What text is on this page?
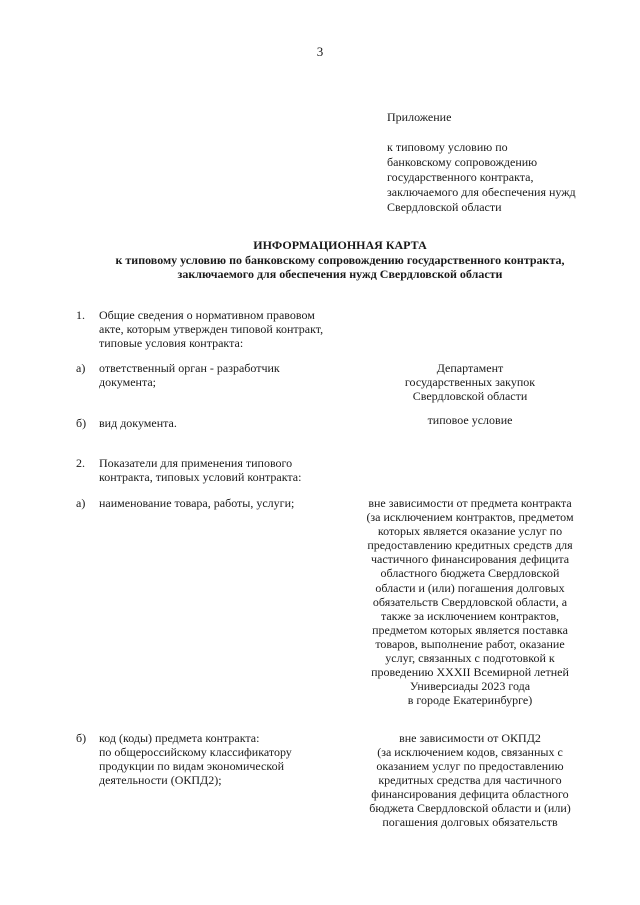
3
Приложение
к типовому условию по
банковскому сопровождению
государственного контракта,
заключаемого для обеспечения нужд
Свердловской области
ИНФОРМАЦИОННАЯ КАРТА
к типовому условию по банковскому сопровождению государственного контракта,
заключаемого для обеспечения нужд Свердловской области
1. Общие сведения о нормативном правовом
акте, которым утвержден типовой контракт,
типовые условия контракта:
а) ответственный орган - разработчик
документа;
Департамент
государственных закупок
Свердловской области
б) вид документа.	типовое условие
2. Показатели для применения типового
контракта, типовых условий контракта:
а) наименование товара, работы, услуги;	вне зависимости от предмета контракта
(за исключением контрактов, предметом
которых является оказание услуг по
предоставлению кредитных средств для
частичного финансирования дефицита
областного бюджета Свердловской
области и (или) погашения долговых
обязательств Свердловской области, а
также за исключением контрактов,
предметом которых является поставка
товаров, выполнение работ, оказание
услуг, связанных с подготовкой к
проведению XXXII Всемирной летней
Универсиады 2023 года
в городе Екатеринбурге)
б) код (коды) предмета контракта:
по общероссийскому классификатору
продукции по видам экономической
деятельности (ОКПД2);
вне зависимости от ОКПД2
(за исключением кодов, связанных с
оказанием услуг по предоставлению
кредитных средства для частичного
финансирования дефицита областного
бюджета Свердловской области и (или)
погашения долговых обязательств
